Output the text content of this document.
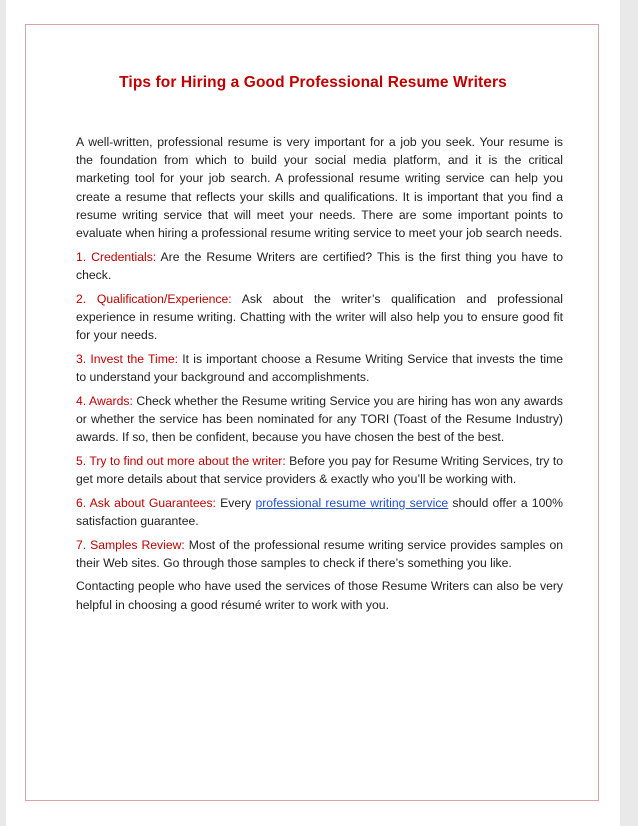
Tips for Hiring a Good Professional Resume Writers

A well-written, professional resume is very important for a job you seek. Your resume is the foundation from which to build your social media platform, and it is the critical marketing tool for your job search. A professional resume writing service can help you create a resume that reflects your skills and qualifications. It is important that you find a resume writing service that will meet your needs. There are some important points to evaluate when hiring a professional resume writing service to meet your job search needs.

1. Credentials: Are the Resume Writers are certified? This is the first thing you have to check.

2. Qualification/Experience: Ask about the writer’s qualification and professional experience in resume writing. Chatting with the writer will also help you to ensure good fit for your needs.

3. Invest the Time: It is important choose a Resume Writing Service that invests the time to understand your background and accomplishments.

4. Awards: Check whether the Resume writing Service you are hiring has won any awards or whether the service has been nominated for any TORI (Toast of the Resume Industry) awards. If so, then be confident, because you have chosen the best of the best.

5. Try to find out more about the writer: Before you pay for Resume Writing Services, try to get more details about that service providers & exactly who you’ll be working with.

6. Ask about Guarantees: Every professional resume writing service should offer a 100% satisfaction guarantee.

7. Samples Review: Most of the professional resume writing service provides samples on their Web sites. Go through those samples to check if there’s something you like.

Contacting people who have used the services of those Resume Writers can also be very helpful in choosing a good résumé writer to work with you.
